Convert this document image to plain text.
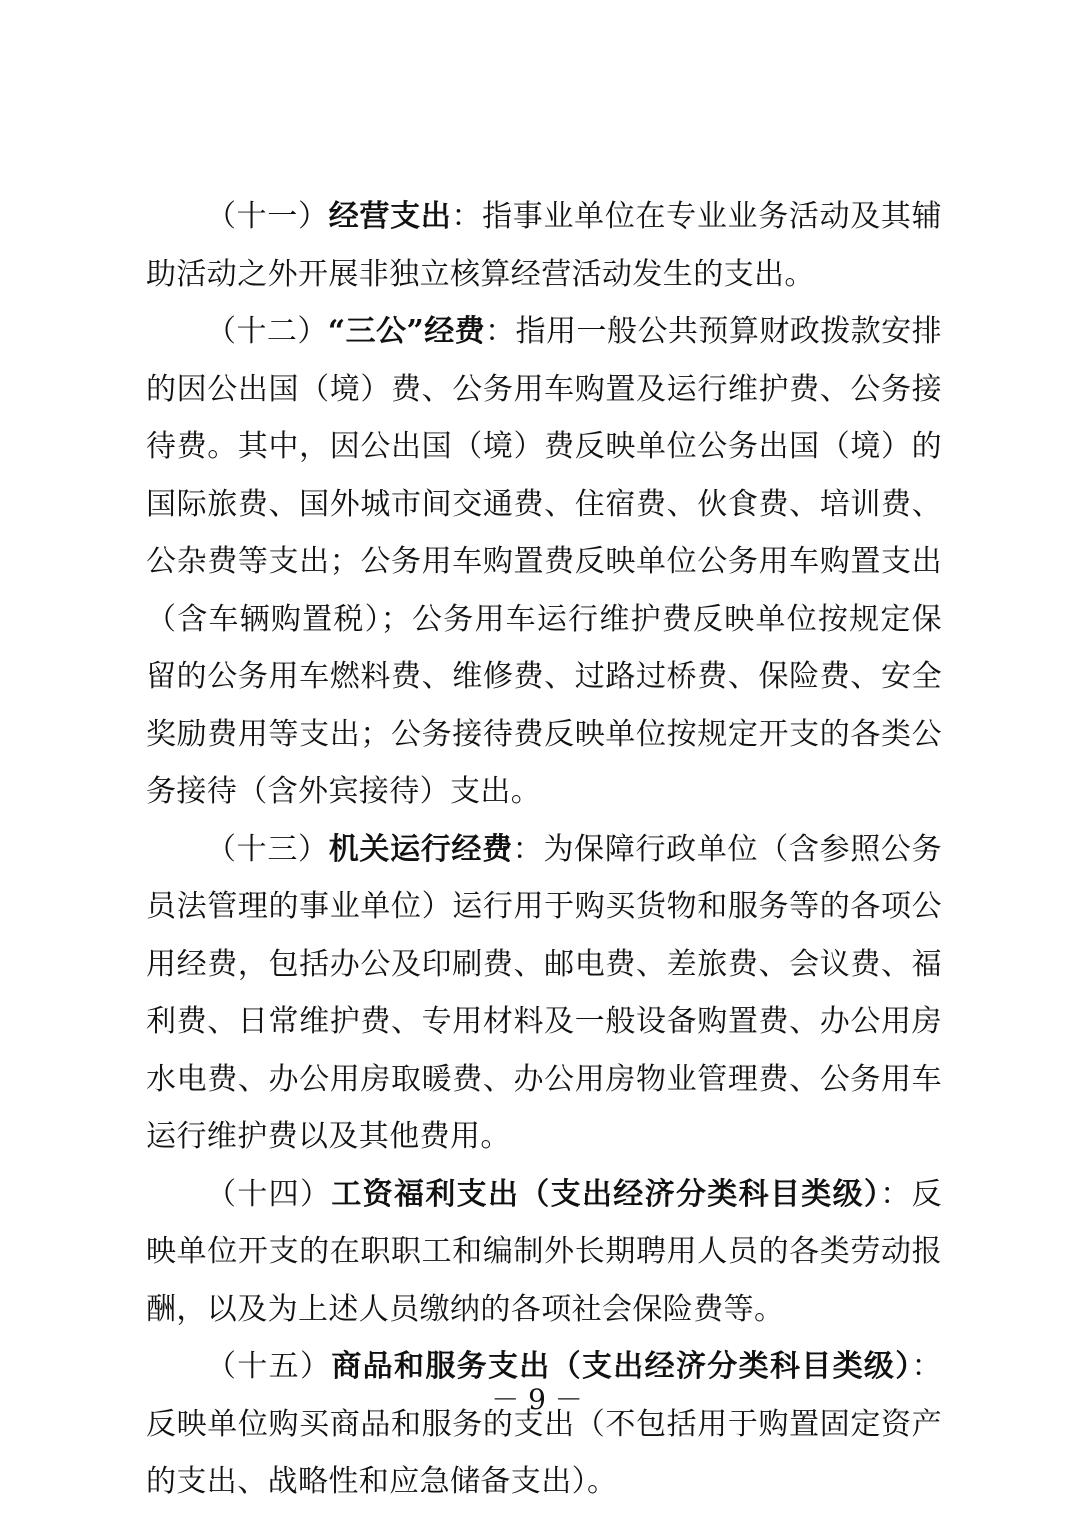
（十一）经营支出：指事业单位在专业业务活动及其辅助活动之外开展非独立核算经营活动发生的支出。

（十二）“三公”经费：指用一般公共预算财政拨款安排的因公出国（境）费、公务用车购置及运行维护费、公务接待费。其中，因公出国（境）费反映单位公务出国（境）的国际旅费、国外城市间交通费、住宿费、伙食费、培训费、公杂费等支出；公务用车购置费反映单位公务用车购置支出（含车辆购置税）；公务用车运行维护费反映单位按规定保留的公务用车燃料费、维修费、过路过桥费、保险费、安全奖励费用等支出；公务接待费反映单位按规定开支的各类公务接待（含外宾接待）支出。

（十三）机关运行经费：为保障行政单位（含参照公务员法管理的事业单位）运行用于购买货物和服务等的各项公用经费，包括办公及印刷费、邮电费、差旅费、会议费、福利费、日常维护费、专用材料及一般设备购置费、办公用房水电费、办公用房取暖费、办公用房物业管理费、公务用车运行维护费以及其他费用。

（十四）工资福利支出（支出经济分类科目类级）：反映单位开支的在职职工和编制外长期聘用人员的各类劳动报酬，以及为上述人员缴纳的各项社会保险费等。

（十五）商品和服务支出（支出经济分类科目类级）：反映单位购买商品和服务的支出（不包括用于购置固定资产的支出、战略性和应急储备支出）。

－ 9 －
